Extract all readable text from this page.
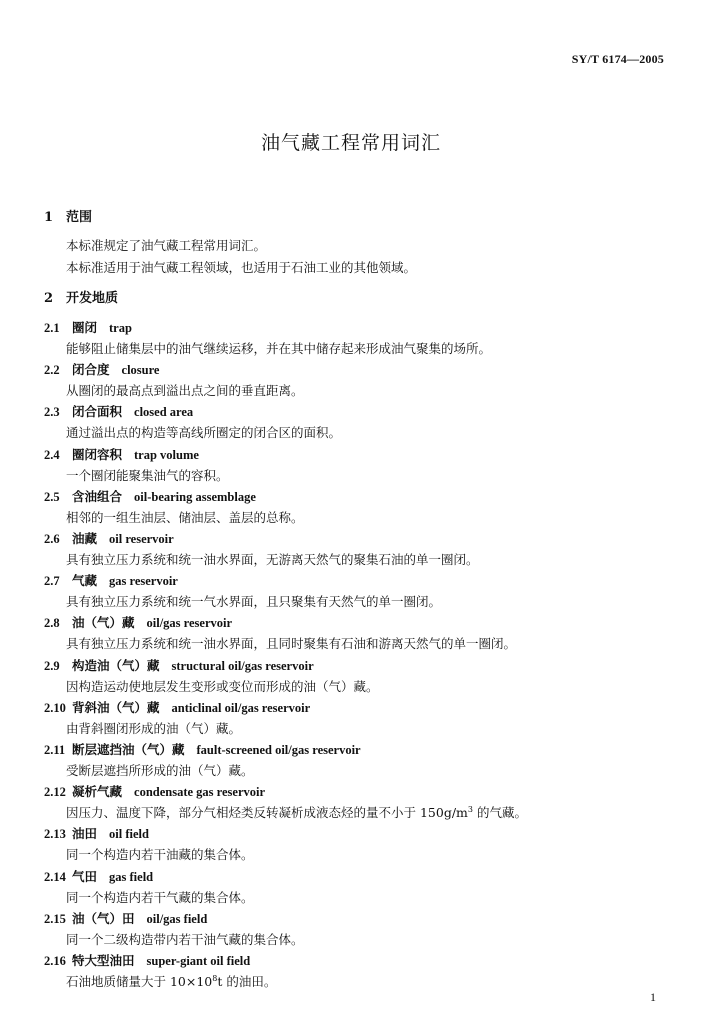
SY/T 6174—2005
油气藏工程常用词汇
1 范围
本标准规定了油气藏工程常用词汇。
本标准适用于油气藏工程领域，也适用于石油工业的其他领域。
2 开发地质
2.1 圈闭 trap
能够阻止储集层中的油气继续运移，并在其中储存起来形成油气聚集的场所。
2.2 闭合度 closure
从圈闭的最高点到溢出点之间的垂直距离。
2.3 闭合面积 closed area
通过溢出点的构造等高线所圈定的闭合区的面积。
2.4 圈闭容积 trap volume
一个圈闭能聚集油气的容积。
2.5 含油组合 oil-bearing assemblage
相邻的一组生油层、储油层、盖层的总称。
2.6 油藏 oil reservoir
具有独立压力系统和统一油水界面，无游离天然气的聚集石油的单一圈闭。
2.7 气藏 gas reservoir
具有独立压力系统和统一气水界面，且只聚集有天然气的单一圈闭。
2.8 油（气）藏 oil/gas reservoir
具有独立压力系统和统一油水界面，且同时聚集有石油和游离天然气的单一圈闭。
2.9 构造油（气）藏 structural oil/gas reservoir
因构造运动使地层发生变形或变位而形成的油（气）藏。
2.10 背斜油（气）藏 anticlinal oil/gas reservoir
由背斜圈闭形成的油（气）藏。
2.11 断层遮挡油（气）藏 fault-screened oil/gas reservoir
受断层遮挡所形成的油（气）藏。
2.12 凝析气藏 condensate gas reservoir
因压力、温度下降，部分气相烃类反转凝析成液态烃的量不小于 $150g/m^3$ 的气藏。
2.13 油田 oil field
同一个构造内若干油藏的集合体。
2.14 气田 gas field
同一个构造内若干气藏的集合体。
2.15 油（气）田 oil/gas field
同一个二级构造带内若干油气藏的集合体。
2.16 特大型油田 super-giant oil field
石油地质储量大于 $10\times 10^8t$ 的油田。
1
